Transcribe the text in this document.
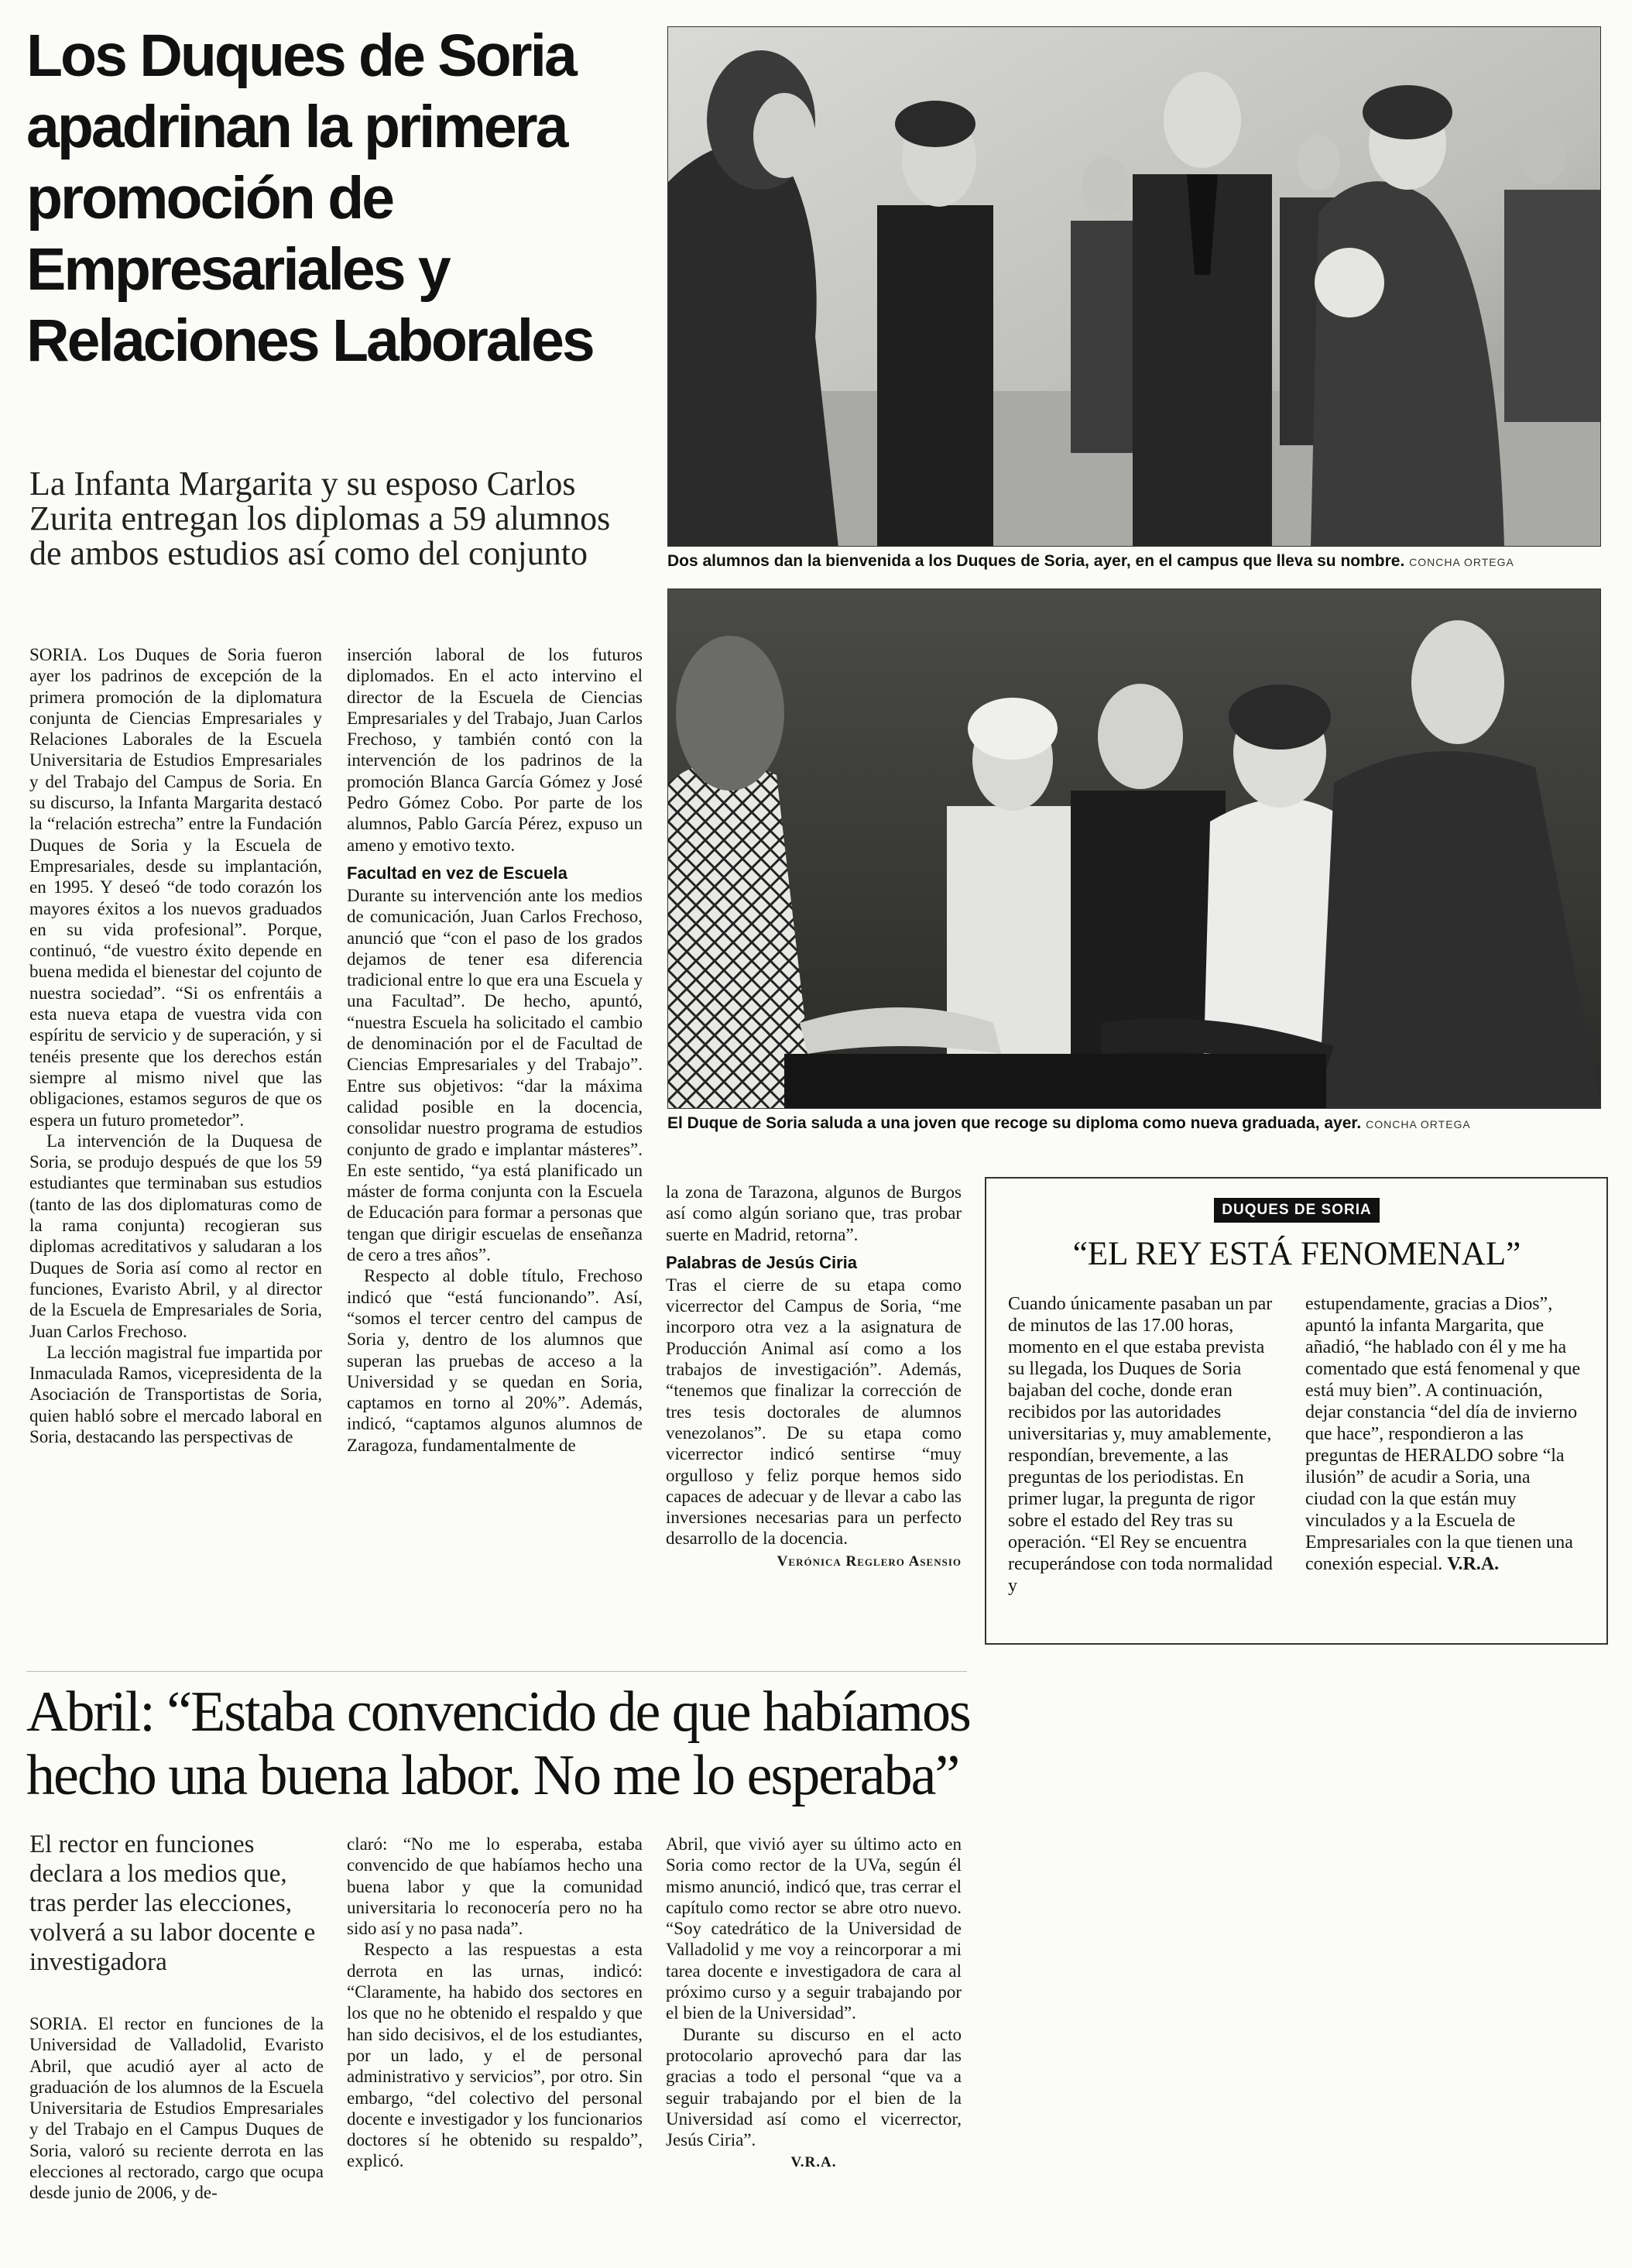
Los Duques de Soria apadrinan la primera promoción de Empresariales y Relaciones Laborales
La Infanta Margarita y su esposo Carlos Zurita entregan los diplomas a 59 alumnos de ambos estudios así como del conjunto

SORIA. Los Duques de Soria fueron ayer los padrinos de excepción de la primera promoción de la diplomatura conjunta de Ciencias Empresariales y Relaciones Laborales de la Escuela Universitaria de Estudios Empresariales y del Trabajo del Campus de Soria. En su discurso, la Infanta Margarita destacó la “relación estrecha” entre la Fundación Duques de Soria y la Escuela de Empresariales, desde su implantación, en 1995. Y deseó “de todo corazón los mayores éxitos a los nuevos graduados en su vida profesional”. Porque, continuó, “de vuestro éxito depende en buena medida el bienestar del cojunto de nuestra sociedad”. “Si os enfrentáis a esta nueva etapa de vuestra vida con espíritu de servicio y de superación, y si tenéis presente que los derechos están siempre al mismo nivel que las obligaciones, estamos seguros de que os espera un futuro prometedor”.

La intervención de la Duquesa de Soria, se produjo después de que los 59 estudiantes que terminaban sus estudios (tanto de las dos diplomaturas como de la rama conjunta) recogieran sus diplomas acreditativos y saludaran a los Duques de Soria así como al rector en funciones, Evaristo Abril, y al director de la Escuela de Empresariales de Soria, Juan Carlos Frechoso.

La lección magistral fue impartida por Inmaculada Ramos, vicepresidenta de la Asociación de Transportistas de Soria, quien habló sobre el mercado laboral en Soria, destacando las perspectivas de

inserción laboral de los futuros diplomados. En el acto intervino el director de la Escuela de Ciencias Empresariales y del Trabajo, Juan Carlos Frechoso, y también contó con la intervención de los padrinos de la promoción Blanca García Gómez y José Pedro Gómez Cobo. Por parte de los alumnos, Pablo García Pérez, expuso un ameno y emotivo texto.

Facultad en vez de Escuela

Durante su intervención ante los medios de comunicación, Juan Carlos Frechoso, anunció que “con el paso de los grados dejamos de tener esa diferencia tradicional entre lo que era una Escuela y una Facultad”. De hecho, apuntó, “nuestra Escuela ha solicitado el cambio de denominación por el de Facultad de Ciencias Empresariales y del Trabajo”. Entre sus objetivos: “dar la máxima calidad posible en la docencia, consolidar nuestro programa de estudios conjunto de grado e implantar másteres”. En este sentido, “ya está planificado un máster de forma conjunta con la Escuela de Educación para formar a personas que tengan que dirigir escuelas de enseñanza de cero a tres años”.

Respecto al doble título, Frechoso indicó que “está funcionando”. Así, “somos el tercer centro del campus de Soria y, dentro de los alumnos que superan las pruebas de acceso a la Universidad y se quedan en Soria, captamos en torno al 20%”. Además, indicó, “captamos algunos alumnos de Zaragoza, fundamentalmente de

la zona de Tarazona, algunos de Burgos así como algún soriano que, tras probar suerte en Madrid, retorna”.

Palabras de Jesús Ciria

Tras el cierre de su etapa como vicerrector del Campus de Soria, “me incorporo otra vez a la asignatura de Producción Animal así como a los trabajos de investigación”. Además, “tenemos que finalizar la corrección de tres tesis doctorales de alumnos venezolanos”. De su etapa como vicerrector indicó sentirse “muy orgulloso y feliz porque hemos sido capaces de adecuar y de llevar a cabo las inversiones necesarias para un perfecto desarrollo de la docencia.

Verónica Reglero Asensio
Dos alumnos dan la bienvenida a los Duques de Soria, ayer, en el campus que lleva su nombre. CONCHA ORTEGA
El Duque de Soria saluda a una joven que recoge su diploma como nueva graduada, ayer. CONCHA ORTEGA
DUQUES DE SORIA
“EL REY ESTÁ FENOMENAL”

Cuando únicamente pasaban un par de minutos de las 17.00 horas, momento en el que estaba prevista su llegada, los Duques de Soria bajaban del coche, donde eran recibidos por las autoridades universitarias y, muy amablemente, respondían, brevemente, a las preguntas de los periodistas. En primer lugar, la pregunta de rigor sobre el estado del Rey tras su operación. “El Rey se encuentra recuperándose con toda normalidad y

estupendamente, gracias a Dios”, apuntó la infanta Margarita, que añadió, “he hablado con él y me ha comentado que está fenomenal y que está muy bien”. A continuación, dejar constancia “del día de invierno que hace”, respondieron a las preguntas de HERALDO sobre “la ilusión” de acudir a Soria, una ciudad con la que están muy vinculados y a la Escuela de Empresariales con la que tienen una conexión especial. V.R.A.

Abril: “Estaba convencido de que habíamos hecho una buena labor. No me lo esperaba”
El rector en funciones declara a los medios que, tras perder las elecciones, volverá a su labor docente e investigadora

SORIA. El rector en funciones de la Universidad de Valladolid, Evaristo Abril, que acudió ayer al acto de graduación de los alumnos de la Escuela Universitaria de Estudios Empresariales y del Trabajo en el Campus Duques de Soria, valoró su reciente derrota en las elecciones al rectorado, cargo que ocupa desde junio de 2006, y de-

claró: “No me lo esperaba, estaba convencido de que habíamos hecho una buena labor y que la comunidad universitaria lo reconocería pero no ha sido así y no pasa nada”.

Respecto a las respuestas a esta derrota en las urnas, indicó: “Claramente, ha habido dos sectores en los que no he obtenido el respaldo y que han sido decisivos, el de los estudiantes, por un lado, y el de personal administrativo y servicios”, por otro. Sin embargo, “del colectivo del personal docente e investigador y los funcionarios doctores sí he obtenido su respaldo”, explicó.

Abril, que vivió ayer su último acto en Soria como rector de la UVa, según él mismo anunció, indicó que, tras cerrar el capítulo como rector se abre otro nuevo. “Soy catedrático de la Universidad de Valladolid y me voy a reincorporar a mi tarea docente e investigadora de cara al próximo curso y a seguir trabajando por el bien de la Universidad”.

Durante su discurso en el acto protocolario aprovechó para dar las gracias a todo el personal “que va a seguir trabajando por el bien de la Universidad así como el vicerrector, Jesús Ciria”.

V.R.A.
